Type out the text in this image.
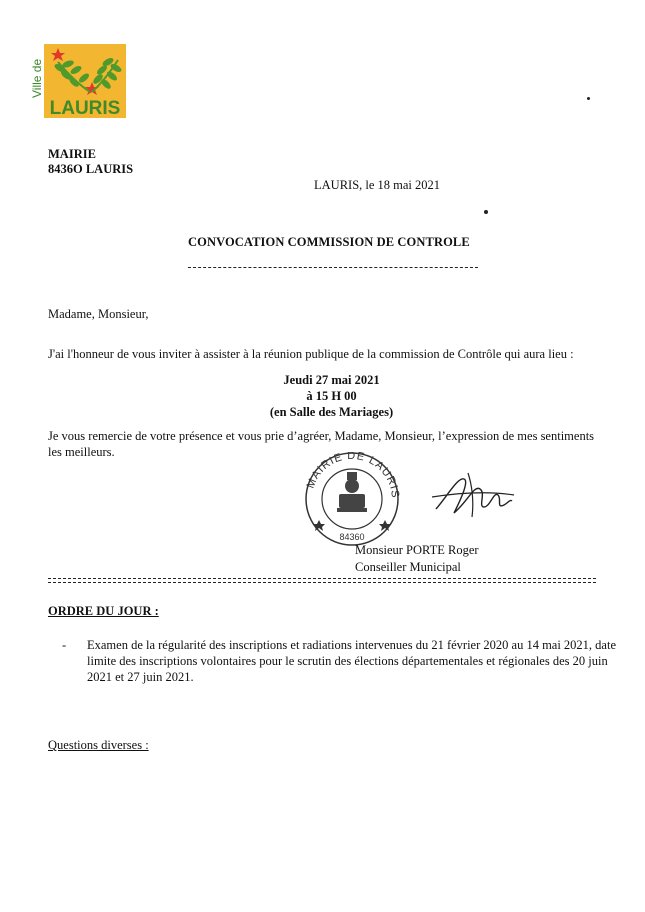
Ville de
LAURIS
MAIRIE
8436O LAURIS
LAURIS, le 18 mai 2021
CONVOCATION COMMISSION DE CONTROLE
Madame, Monsieur,
J'ai l'honneur de vous inviter à assister à la réunion publique de la commission de Contrôle qui aura lieu :
Jeudi 27 mai 2021
à 15 H 00
(en Salle des Mariages)
Je vous remercie de votre présence et vous prie d’agréer, Madame, Monsieur, l’expression de mes sentiments les meilleurs.
MAIRIE DE LAURIS
84360
Monsieur PORTE Roger
Conseiller Municipal
ORDRE DU JOUR :
- Examen de la régularité des inscriptions et radiations intervenues du 21 février 2020 au 14 mai 2021, date limite des inscriptions volontaires pour le scrutin des élections départementales et régionales des 20 juin 2021 et 27 juin 2021.
Questions diverses :
